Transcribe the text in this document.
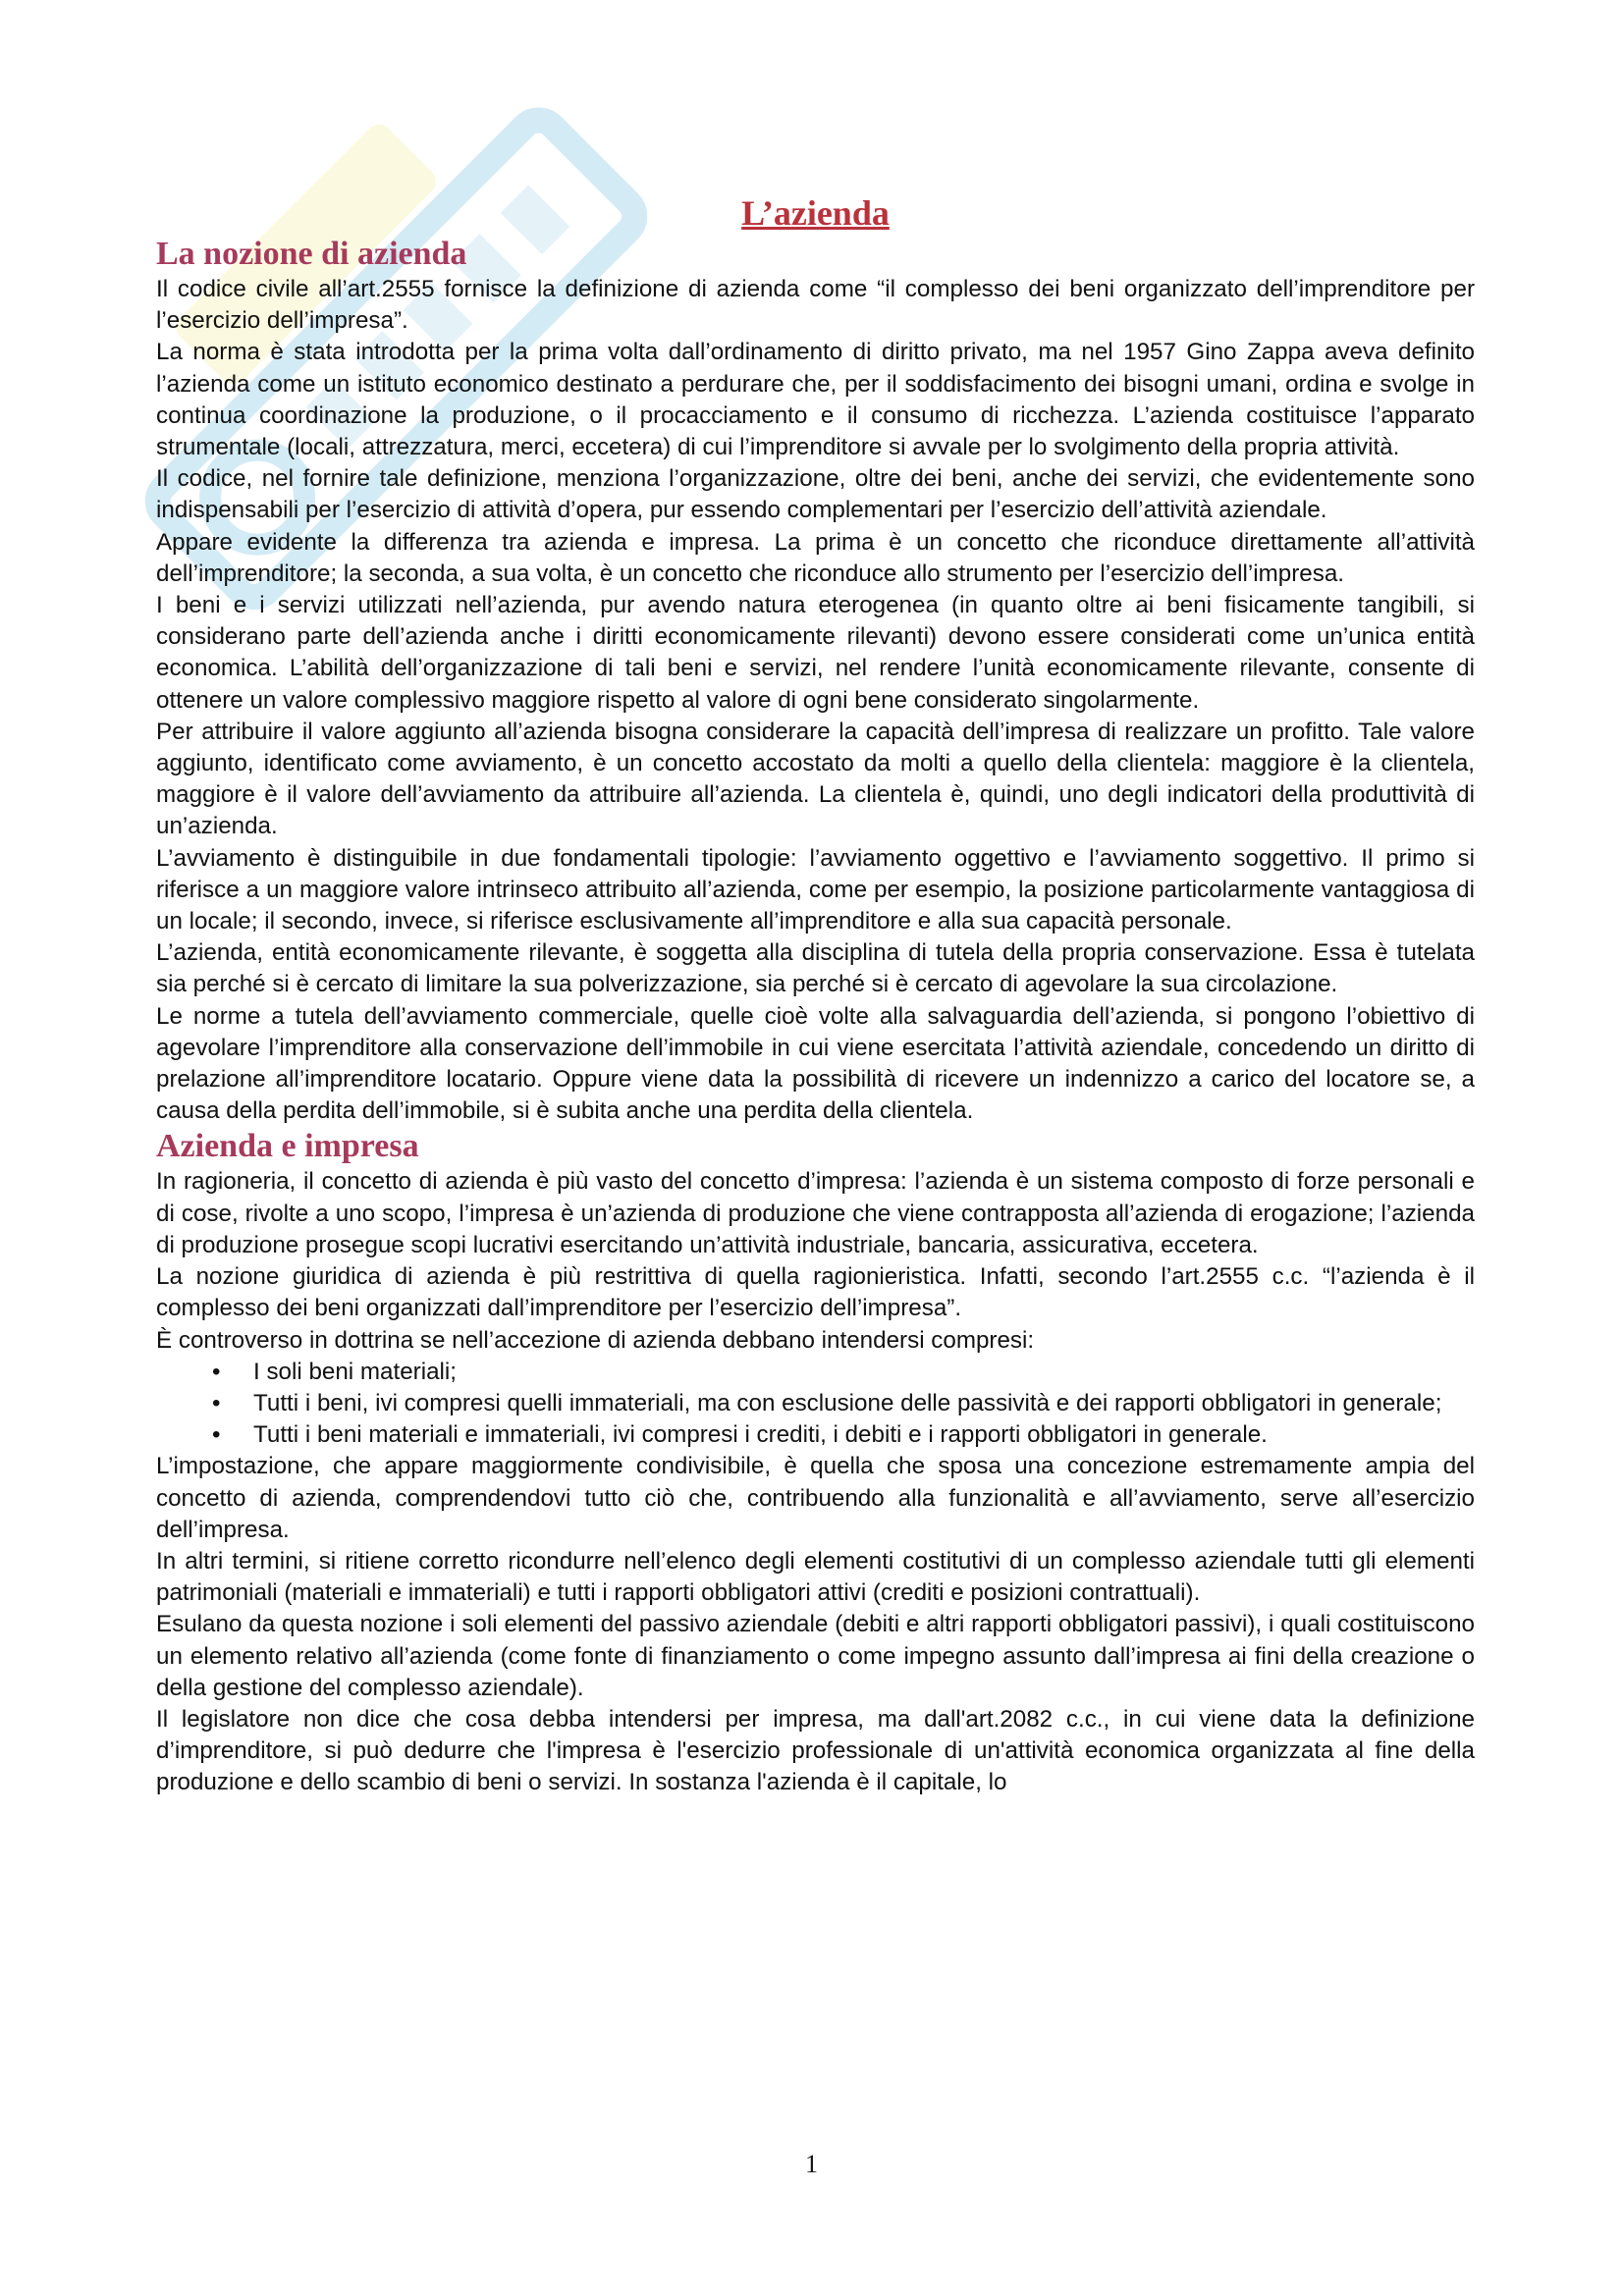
L’azienda
La nozione di azienda

Il codice civile all’art.2555 fornisce la definizione di azienda come “il complesso dei beni organizzato dell’imprenditore per l’esercizio dell’impresa”.

La norma è stata introdotta per la prima volta dall’ordinamento di diritto privato, ma nel 1957 Gino Zappa aveva definito l’azienda come un istituto economico destinato a perdurare che, per il soddisfacimento dei bisogni umani, ordina e svolge in continua coordinazione la produzione, o il procacciamento e il consumo di ricchezza. L’azienda costituisce l’apparato strumentale (locali, attrezzatura, merci, eccetera) di cui l’imprenditore si avvale per lo svolgimento della propria attività.

Il codice, nel fornire tale definizione, menziona l’organizzazione, oltre dei beni, anche dei servizi, che evidentemente sono indispensabili per l’esercizio di attività d’opera, pur essendo complementari per l’esercizio dell’attività aziendale.

Appare evidente la differenza tra azienda e impresa. La prima è un concetto che riconduce direttamente all’attività dell’imprenditore; la seconda, a sua volta, è un concetto che riconduce allo strumento per l’esercizio dell’impresa.

I beni e i servizi utilizzati nell’azienda, pur avendo natura eterogenea (in quanto oltre ai beni fisicamente tangibili, si considerano parte dell’azienda anche i diritti economicamente rilevanti) devono essere considerati come un’unica entità economica. L’abilità dell’organizzazione di tali beni e servizi, nel rendere l’unità economicamente rilevante, consente di ottenere un valore complessivo maggiore rispetto al valore di ogni bene considerato singolarmente.

Per attribuire il valore aggiunto all’azienda bisogna considerare la capacità dell’impresa di realizzare un profitto. Tale valore aggiunto, identificato come avviamento, è un concetto accostato da molti a quello della clientela: maggiore è la clientela, maggiore è il valore dell’avviamento da attribuire all’azienda. La clientela è, quindi, uno degli indicatori della produttività di un’azienda.

L’avviamento è distinguibile in due fondamentali tipologie: l’avviamento oggettivo e l’avviamento soggettivo. Il primo si riferisce a un maggiore valore intrinseco attribuito all’azienda, come per esempio, la posizione particolarmente vantaggiosa di un locale; il secondo, invece, si riferisce esclusivamente all’imprenditore e alla sua capacità personale.

L’azienda, entità economicamente rilevante, è soggetta alla disciplina di tutela della propria conservazione. Essa è tutelata sia perché si è cercato di limitare la sua polverizzazione, sia perché si è cercato di agevolare la sua circolazione.

Le norme a tutela dell’avviamento commerciale, quelle cioè volte alla salvaguardia dell’azienda, si pongono l’obiettivo di agevolare l’imprenditore alla conservazione dell’immobile in cui viene esercitata l’attività aziendale, concedendo un diritto di prelazione all’imprenditore locatario. Oppure viene data la possibilità di ricevere un indennizzo a carico del locatore se, a causa della perdita dell’immobile, si è subita anche una perdita della clientela.

Azienda e impresa

In ragioneria, il concetto di azienda è più vasto del concetto d’impresa: l’azienda è un sistema composto di forze personali e di cose, rivolte a uno scopo, l’impresa è un’azienda di produzione che viene contrapposta all’azienda di erogazione; l’azienda di produzione prosegue scopi lucrativi esercitando un’attività industriale, bancaria, assicurativa, eccetera.

La nozione giuridica di azienda è più restrittiva di quella ragionieristica. Infatti, secondo l’art.2555 c.c. “l’azienda è il complesso dei beni organizzati dall’imprenditore per l’esercizio dell’impresa”.

È controverso in dottrina se nell’accezione di azienda debbano intendersi compresi:

• I soli beni materiali;
• Tutti i beni, ivi compresi quelli immateriali, ma con esclusione delle passività e dei rapporti obbligatori in generale;
• Tutti i beni materiali e immateriali, ivi compresi i crediti, i debiti e i rapporti obbligatori in generale.

L’impostazione, che appare maggiormente condivisibile, è quella che sposa una concezione estremamente ampia del concetto di azienda, comprendendovi tutto ciò che, contribuendo alla funzionalità e all’avviamento, serve all’esercizio dell’impresa.

In altri termini, si ritiene corretto ricondurre nell’elenco degli elementi costitutivi di un complesso aziendale tutti gli elementi patrimoniali (materiali e immateriali) e tutti i rapporti obbligatori attivi (crediti e posizioni contrattuali).

Esulano da questa nozione i soli elementi del passivo aziendale (debiti e altri rapporti obbligatori passivi), i quali costituiscono un elemento relativo all’azienda (come fonte di finanziamento o come impegno assunto dall’impresa ai fini della creazione o della gestione del complesso aziendale).

Il legislatore non dice che cosa debba intendersi per impresa, ma dall'art.2082 c.c., in cui viene data la definizione d’imprenditore, si può dedurre che l'impresa è l'esercizio professionale di un'attività economica organizzata al fine della produzione e dello scambio di beni o servizi. In sostanza l'azienda è il capitale, lo

1
